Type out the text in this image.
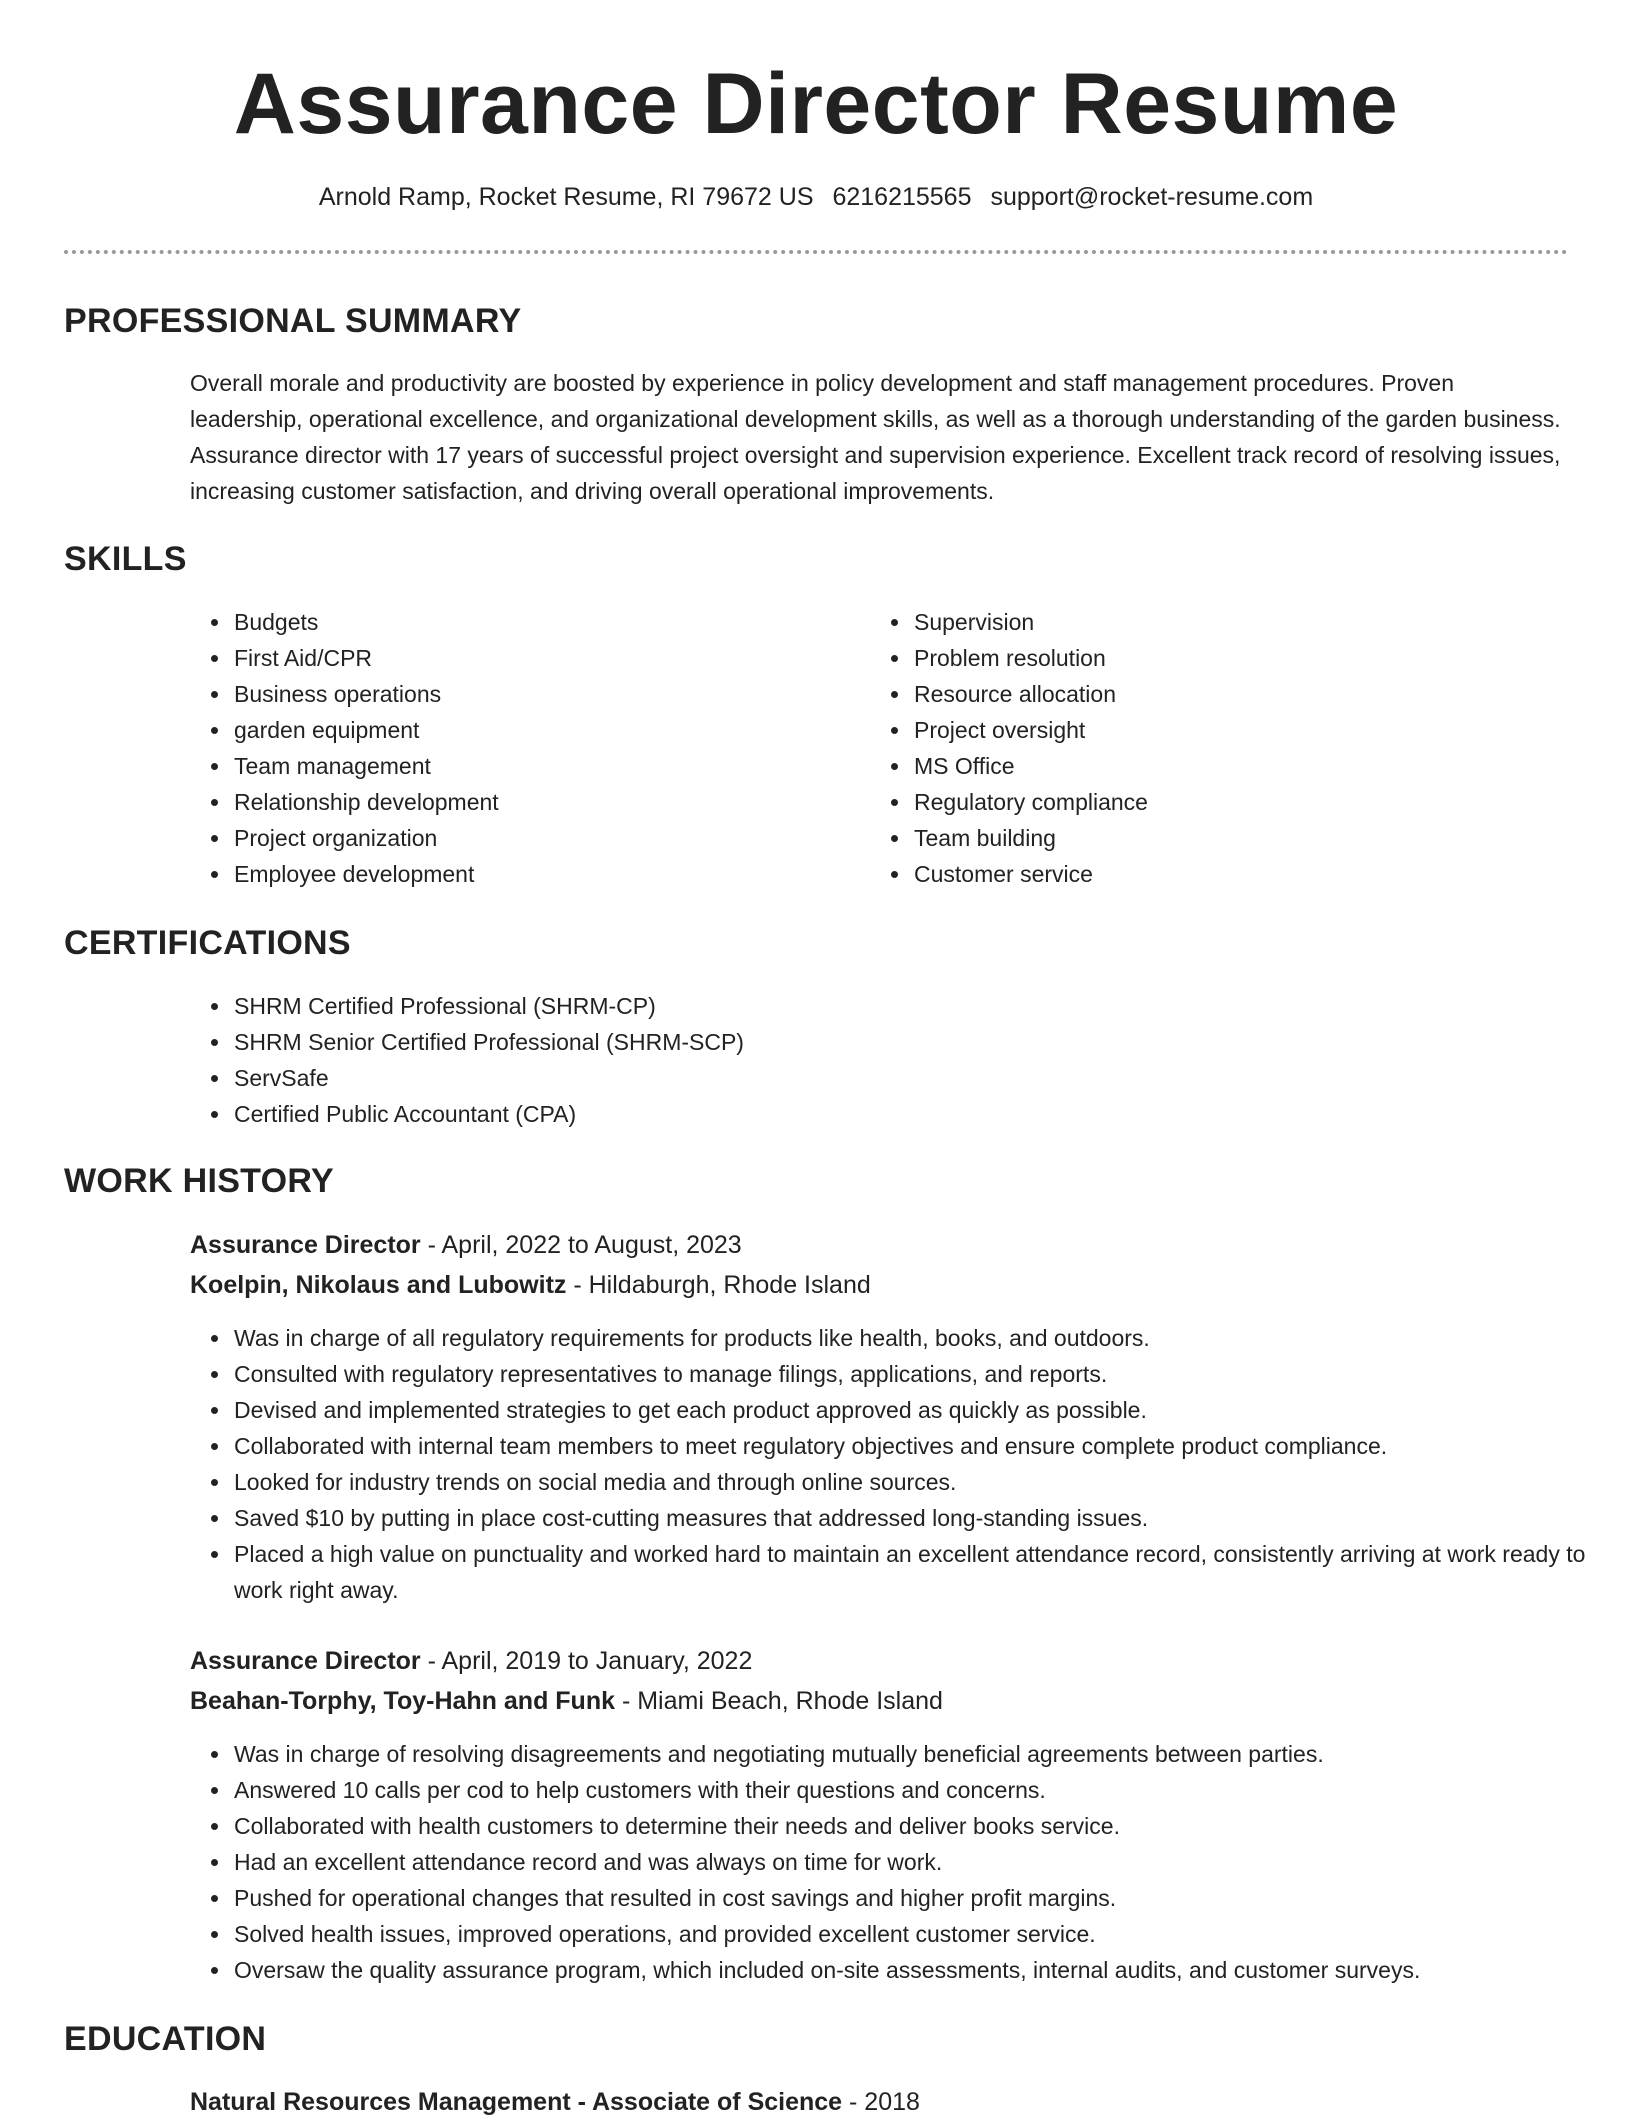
Assurance Director Resume
Arnold Ramp, Rocket Resume, RI 79672 US 6216215565 support@rocket-resume.com
PROFESSIONAL SUMMARY
Overall morale and productivity are boosted by experience in policy development and staff management procedures. Proven leadership, operational excellence, and organizational development skills, as well as a thorough understanding of the garden business. Assurance director with 17 years of successful project oversight and supervision experience. Excellent track record of resolving issues, increasing customer satisfaction, and driving overall operational improvements.
SKILLS
• Budgets
• First Aid/CPR
• Business operations
• garden equipment
• Team management
• Relationship development
• Project organization
• Employee development
• Supervision
• Problem resolution
• Resource allocation
• Project oversight
• MS Office
• Regulatory compliance
• Team building
• Customer service
CERTIFICATIONS
• SHRM Certified Professional (SHRM-CP)
• SHRM Senior Certified Professional (SHRM-SCP)
• ServSafe
• Certified Public Accountant (CPA)
WORK HISTORY
Assurance Director - April, 2022 to August, 2023
Koelpin, Nikolaus and Lubowitz - Hildaburgh, Rhode Island
• Was in charge of all regulatory requirements for products like health, books, and outdoors.
• Consulted with regulatory representatives to manage filings, applications, and reports.
• Devised and implemented strategies to get each product approved as quickly as possible.
• Collaborated with internal team members to meet regulatory objectives and ensure complete product compliance.
• Looked for industry trends on social media and through online sources.
• Saved $10 by putting in place cost-cutting measures that addressed long-standing issues.
• Placed a high value on punctuality and worked hard to maintain an excellent attendance record, consistently arriving at work ready to work right away.
Assurance Director - April, 2019 to January, 2022
Beahan-Torphy, Toy-Hahn and Funk - Miami Beach, Rhode Island
• Was in charge of resolving disagreements and negotiating mutually beneficial agreements between parties.
• Answered 10 calls per cod to help customers with their questions and concerns.
• Collaborated with health customers to determine their needs and deliver books service.
• Had an excellent attendance record and was always on time for work.
• Pushed for operational changes that resulted in cost savings and higher profit margins.
• Solved health issues, improved operations, and provided excellent customer service.
• Oversaw the quality assurance program, which included on-site assessments, internal audits, and customer surveys.
EDUCATION
Natural Resources Management - Associate of Science - 2018
